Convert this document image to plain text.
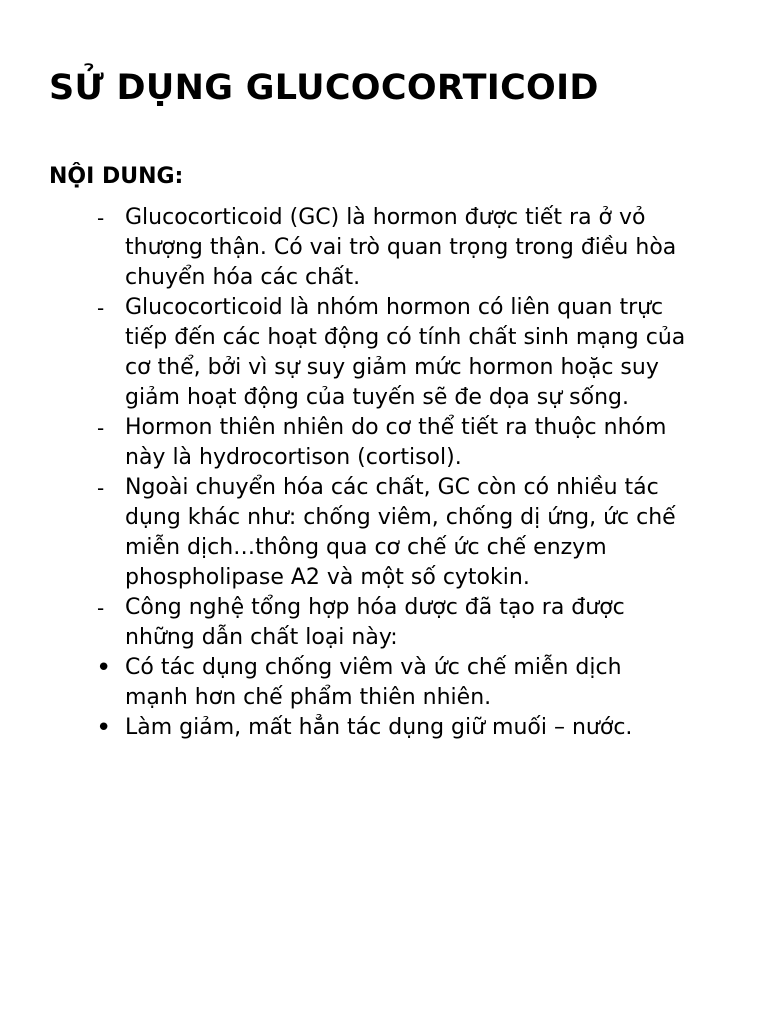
SỬ DỤNG GLUCOCORTICOID
NỘI DUNG:
- Glucocorticoid (GC) là hormon được tiết ra ở vỏ thượng thận. Có vai trò quan trọng trong điều hòa chuyển hóa các chất.
- Glucocorticoid là nhóm hormon có liên quan trực tiếp đến các hoạt động có tính chất sinh mạng của cơ thể, bởi vì sự suy giảm mức hormon hoặc suy giảm hoạt động của tuyến sẽ đe dọa sự sống.
- Hormon thiên nhiên do cơ thể tiết ra thuộc nhóm này là hydrocortison (cortisol).
- Ngoài chuyển hóa các chất, GC còn có nhiều tác dụng khác như: chống viêm, chống dị ứng, ức chế miễn dịch…thông qua cơ chế ức chế enzym phospholipase A2 và một số cytokin.
- Công nghệ tổng hợp hóa dược đã tạo ra được những dẫn chất loại này:
• Có tác dụng chống viêm và ức chế miễn dịch mạnh hơn chế phẩm thiên nhiên.
• Làm giảm, mất hẳn tác dụng giữ muối – nước.
